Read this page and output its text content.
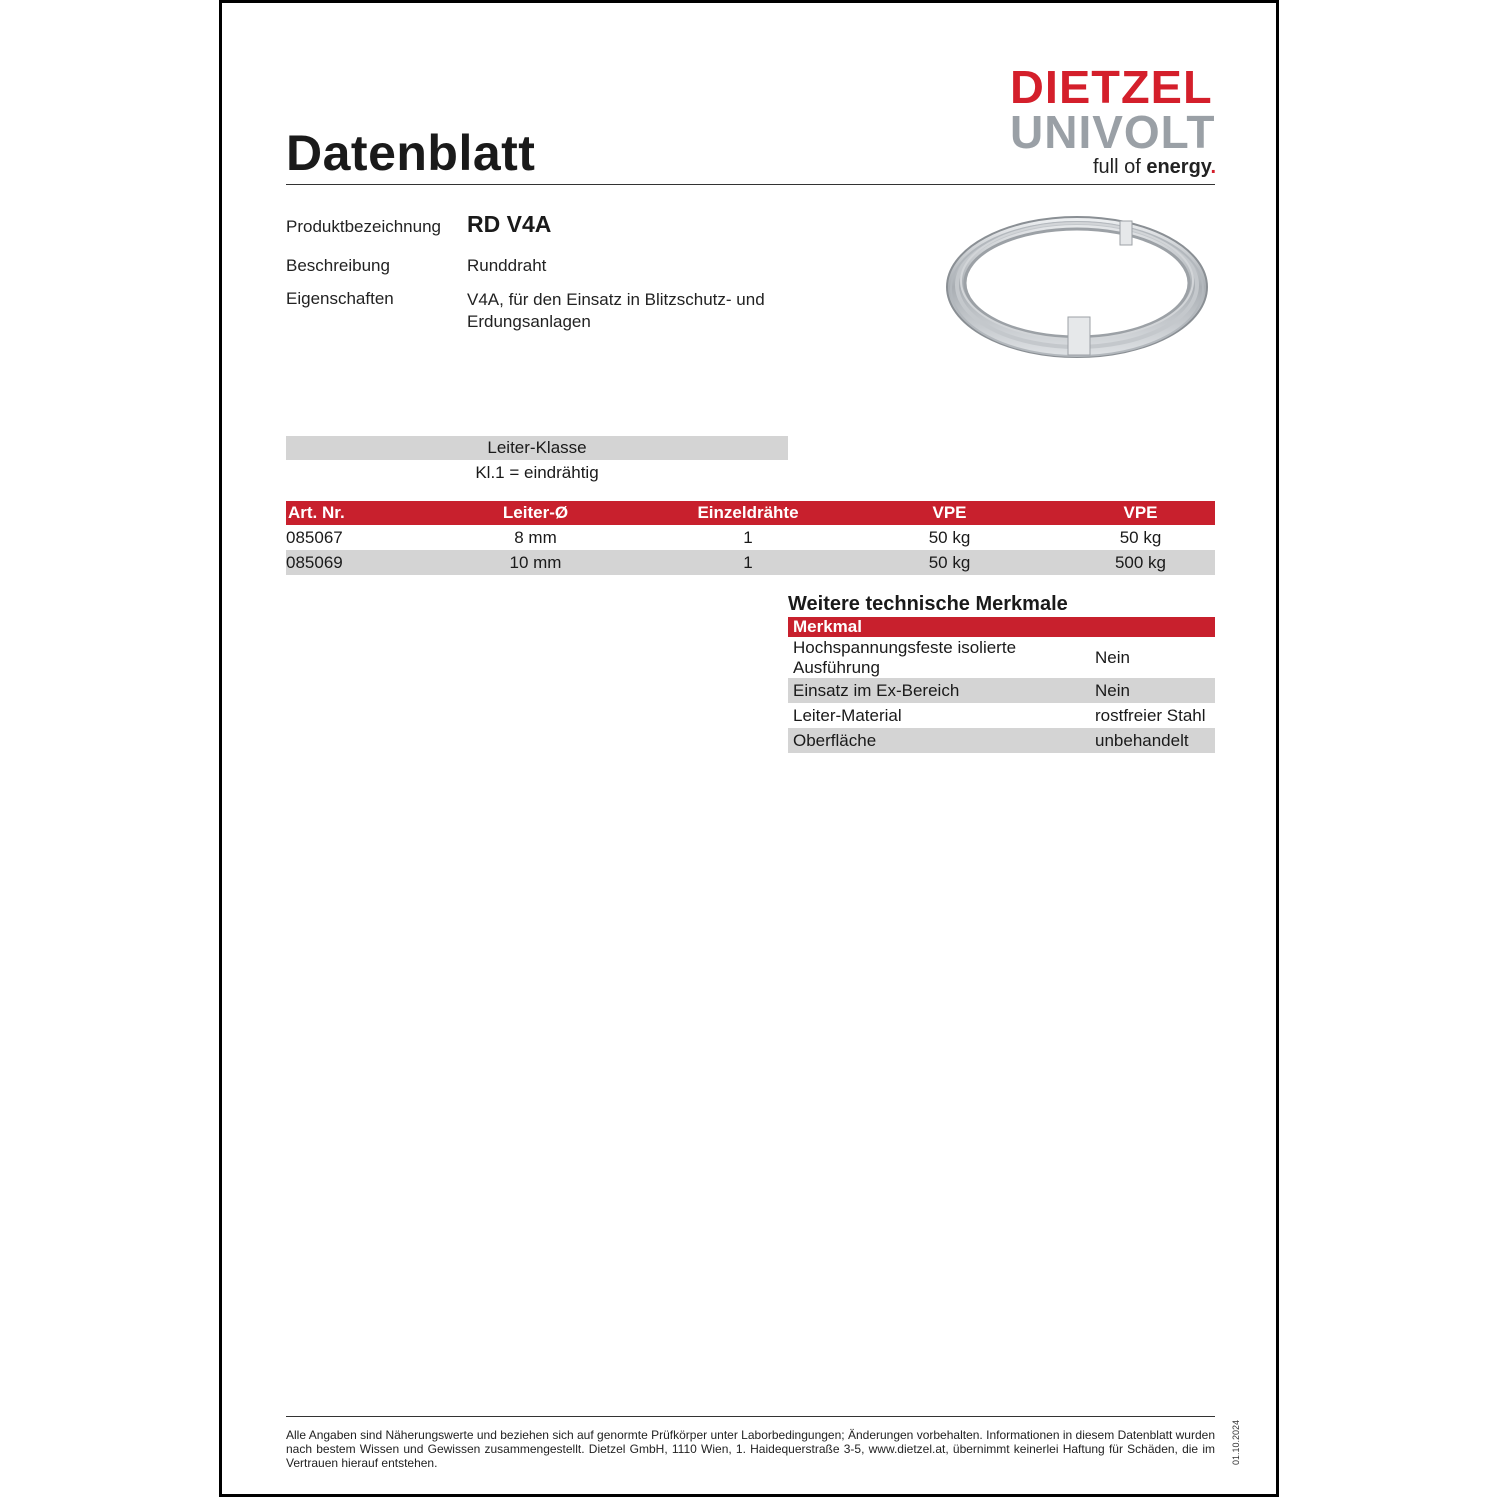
Datenblatt
DIETZEL
UNIVOLT
full of energy.
Produktbezeichnung RD V4A
Beschreibung	Runddraht
Eigenschaften	V4A, für den Einsatz in Blitzschutz- und Erdungsanlagen
Leiter-Klasse
Kl.1 = eindrähtig
Art. Nr.	Leiter-Ø	Einzeldrähte	VPE	VPE
085067	8 mm	1	50 kg	50 kg
085069	10 mm	1	50 kg	500 kg
Weitere technische Merkmale
Merkmal	
Hochspannungsfeste isolierte Ausführung	Nein
Einsatz im Ex-Bereich	Nein
Leiter-Material	rostfreier Stahl
Oberfläche	unbehandelt
Alle Angaben sind Näherungswerte und beziehen sich auf genormte Prüfkörper unter Laborbedingungen; Änderungen vorbehalten. Informationen in diesem Datenblatt wurden nach bestem Wissen und Gewissen zusammengestellt. Dietzel GmbH, 1110 Wien, 1. Haidequerstraße 3-5, www.dietzel.at, übernimmt keinerlei Haftung für Schäden, die im Vertrauen hierauf entstehen.	01.10.2024
